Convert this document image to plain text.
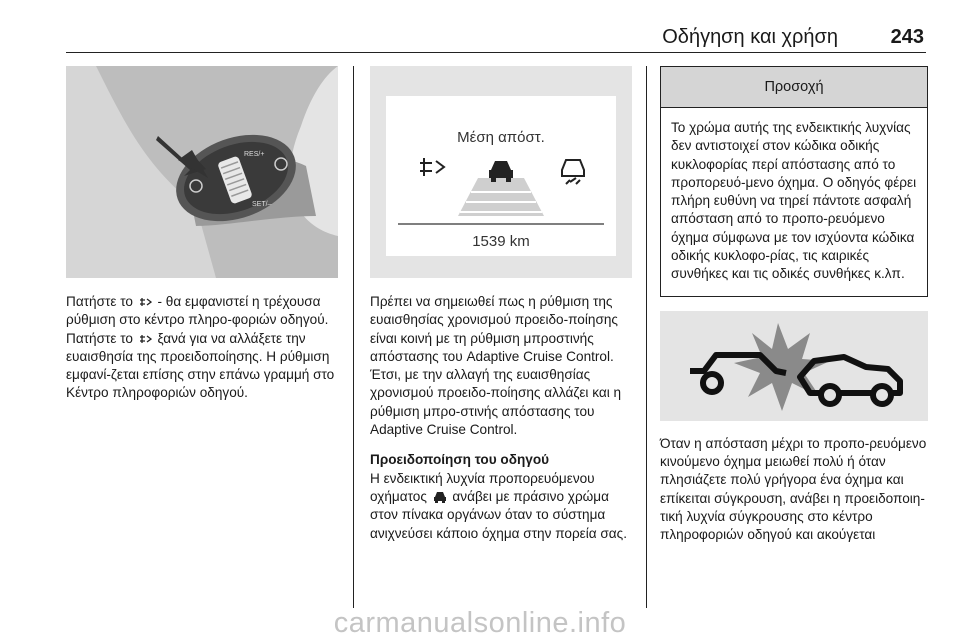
Οδήγηση και χρήση	243
RES/+
SET/–

Πατήστε το  - θα εμφανιστεί η τρέχουσα ρύθμιση στο κέντρο πληρο-φοριών οδηγού. Πατήστε το  ξανά για να αλλάξετε την ευαισθησία της προειδοποίησης. Η ρύθμιση εμφανί-ζεται επίσης στην επάνω γραμμή στο Κέντρο πληροφοριών οδηγού.

Μέση απόστ.
1539 km

Πρέπει να σημειωθεί πως η ρύθμιση της ευαισθησίας χρονισμού προειδο-ποίησης είναι κοινή με τη ρύθμιση μπροστινής απόστασης του Adaptive Cruise Control. Έτσι, με την αλλαγή της ευαισθησίας χρονισμού προειδο-ποίησης αλλάζει και η ρύθμιση μπρο-στινής απόστασης του Adaptive Cruise Control.

Προειδοποίηση του οδηγού

Η ενδεικτική λυχνία προπορευόμενου οχήματος  ανάβει με πράσινο χρώμα στον πίνακα οργάνων όταν το σύστημα ανιχνεύσει κάποιο όχημα στην πορεία σας.

Προσοχή

Το χρώμα αυτής της ενδεικτικής λυχνίας δεν αντιστοιχεί στον κώδικα οδικής κυκλοφορίας περί απόστασης από το προπορευό-μενο όχημα. Ο οδηγός φέρει πλήρη ευθύνη να τηρεί πάντοτε ασφαλή απόσταση από το προπο-ρευόμενο όχημα σύμφωνα με τον ισχύοντα κώδικα οδικής κυκλοφο-ρίας, τις καιρικές συνθήκες και τις οδικές συνθήκες κ.λπ.

Όταν η απόσταση μέχρι το προπο-ρευόμενο κινούμενο όχημα μειωθεί πολύ ή όταν πλησιάζετε πολύ γρήγορα ένα όχημα και επίκειται σύγκρουση, ανάβει η προειδοποιη-τική λυχνία σύγκρουσης στο κέντρο πληροφοριών οδηγού και ακούγεται

carmanualsonline.info
